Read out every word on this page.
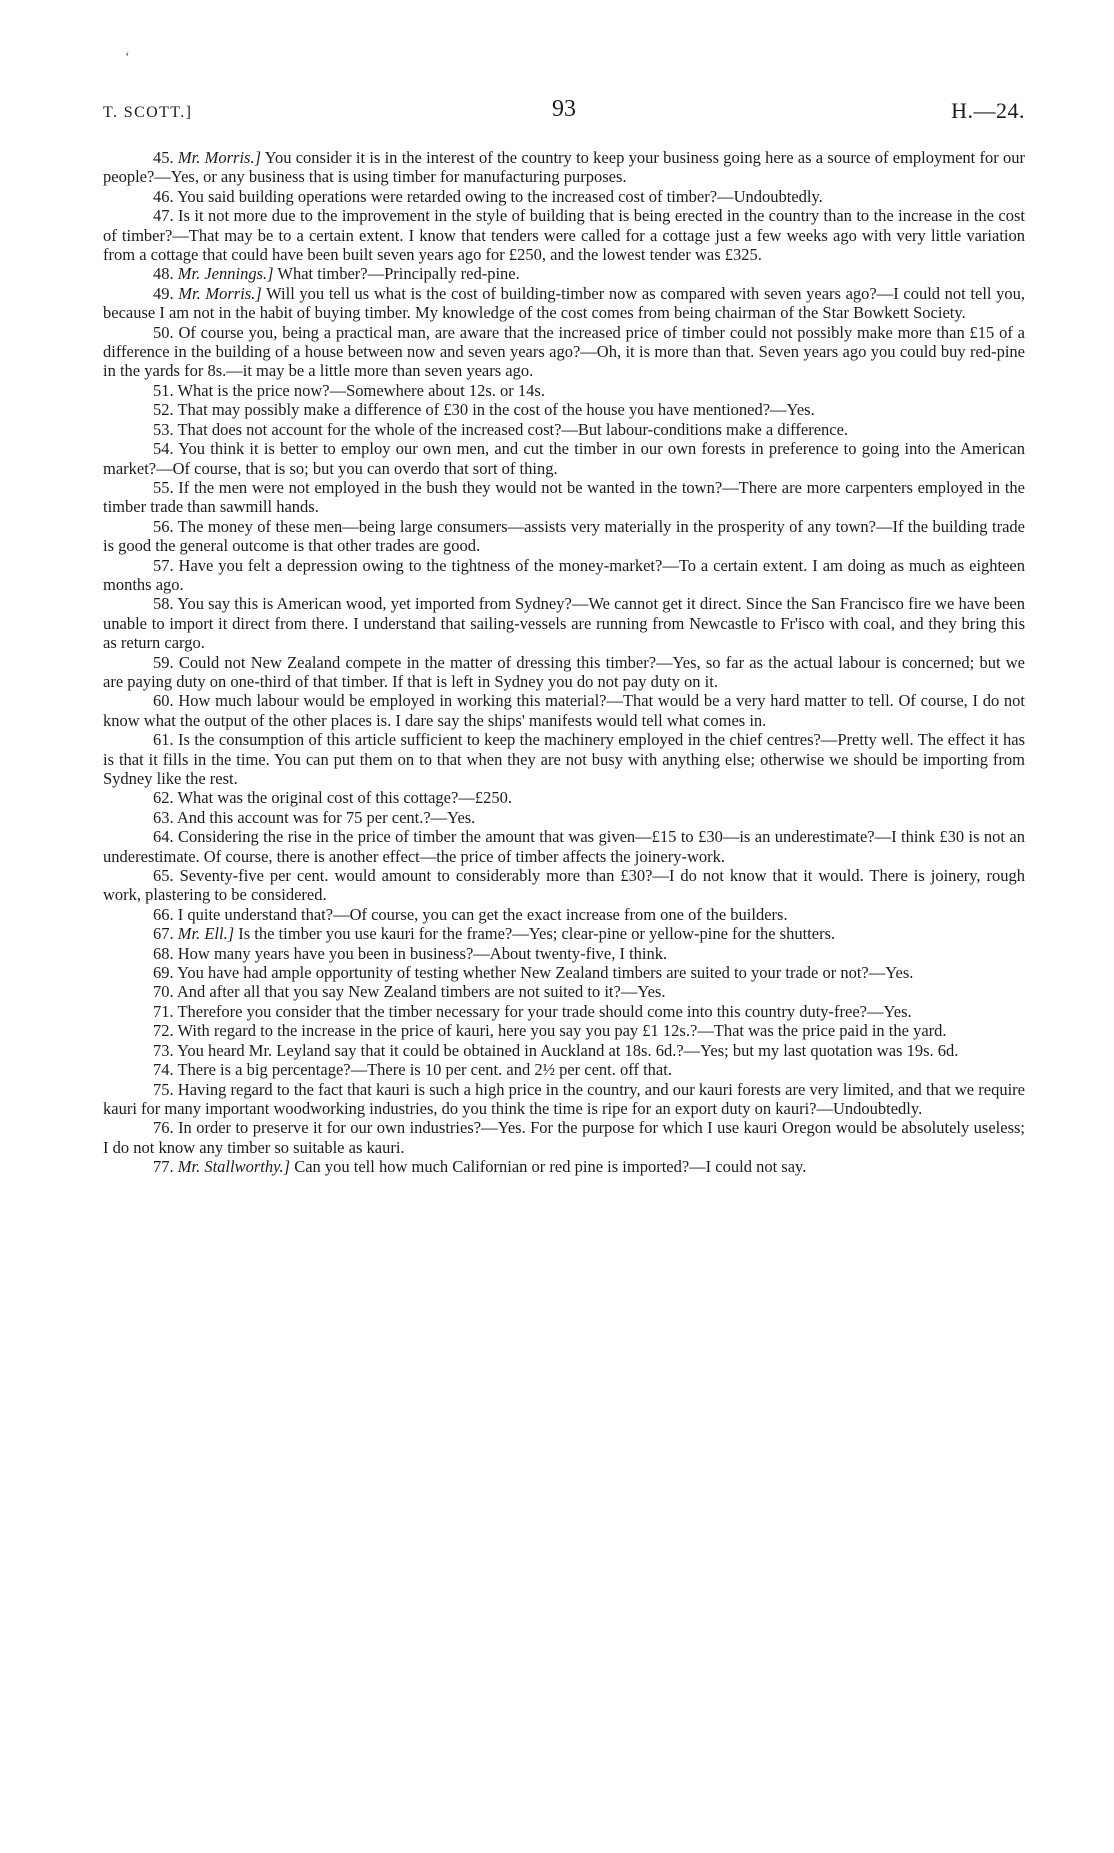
T. SCOTT.]	93	H.—24.
ʻ

45. Mr. Morris.] You consider it is in the interest of the country to keep your business going here as a source of employment for our people?—Yes, or any business that is using timber for manufacturing purposes.

46. You said building operations were retarded owing to the increased cost of timber?—Undoubtedly.

47. Is it not more due to the improvement in the style of building that is being erected in the country than to the increase in the cost of timber?—That may be to a certain extent. I know that tenders were called for a cottage just a few weeks ago with very little variation from a cottage that could have been built seven years ago for £250, and the lowest tender was £325.

48. Mr. Jennings.] What timber?—Principally red-pine.

49. Mr. Morris.] Will you tell us what is the cost of building-timber now as compared with seven years ago?—I could not tell you, because I am not in the habit of buying timber. My knowledge of the cost comes from being chairman of the Star Bowkett Society.

50. Of course you, being a practical man, are aware that the increased price of timber could not possibly make more than £15 of a difference in the building of a house between now and seven years ago?—Oh, it is more than that. Seven years ago you could buy red-pine in the yards for 8s.—it may be a little more than seven years ago.

51. What is the price now?—Somewhere about 12s. or 14s.

52. That may possibly make a difference of £30 in the cost of the house you have mentioned?—Yes.

53. That does not account for the whole of the increased cost?—But labour-conditions make a difference.

54. You think it is better to employ our own men, and cut the timber in our own forests in preference to going into the American market?—Of course, that is so; but you can overdo that sort of thing.

55. If the men were not employed in the bush they would not be wanted in the town?—There are more carpenters employed in the timber trade than sawmill hands.

56. The money of these men—being large consumers—assists very materially in the prosperity of any town?—If the building trade is good the general outcome is that other trades are good.

57. Have you felt a depression owing to the tightness of the money-market?—To a certain extent. I am doing as much as eighteen months ago.

58. You say this is American wood, yet imported from Sydney?—We cannot get it direct. Since the San Francisco fire we have been unable to import it direct from there. I understand that sailing-vessels are running from Newcastle to Fr'isco with coal, and they bring this as return cargo.

59. Could not New Zealand compete in the matter of dressing this timber?—Yes, so far as the actual labour is concerned; but we are paying duty on one-third of that timber. If that is left in Sydney you do not pay duty on it.

60. How much labour would be employed in working this material?—That would be a very hard matter to tell. Of course, I do not know what the output of the other places is. I dare say the ships' manifests would tell what comes in.

61. Is the consumption of this article sufficient to keep the machinery employed in the chief centres?—Pretty well. The effect it has is that it fills in the time. You can put them on to that when they are not busy with anything else; otherwise we should be importing from Sydney like the rest.

62. What was the original cost of this cottage?—£250.

63. And this account was for 75 per cent.?—Yes.

64. Considering the rise in the price of timber the amount that was given—£15 to £30—is an underestimate?—I think £30 is not an underestimate. Of course, there is another effect—the price of timber affects the joinery-work.

65. Seventy-five per cent. would amount to considerably more than £30?—I do not know that it would. There is joinery, rough work, plastering to be considered.

66. I quite understand that?—Of course, you can get the exact increase from one of the builders.

67. Mr. Ell.] Is the timber you use kauri for the frame?—Yes; clear-pine or yellow-pine for the shutters.

68. How many years have you been in business?—About twenty-five, I think.

69. You have had ample opportunity of testing whether New Zealand timbers are suited to your trade or not?—Yes.

70. And after all that you say New Zealand timbers are not suited to it?—Yes.

71. Therefore you consider that the timber necessary for your trade should come into this country duty-free?—Yes.

72. With regard to the increase in the price of kauri, here you say you pay £1 12s.?—That was the price paid in the yard.

73. You heard Mr. Leyland say that it could be obtained in Auckland at 18s. 6d.?—Yes; but my last quotation was 19s. 6d.

74. There is a big percentage?—There is 10 per cent. and 2½ per cent. off that.

75. Having regard to the fact that kauri is such a high price in the country, and our kauri forests are very limited, and that we require kauri for many important woodworking industries, do you think the time is ripe for an export duty on kauri?—Undoubtedly.

76. In order to preserve it for our own industries?—Yes. For the purpose for which I use kauri Oregon would be absolutely useless; I do not know any timber so suitable as kauri.

77. Mr. Stallworthy.] Can you tell how much Californian or red pine is imported?—I could not say.
